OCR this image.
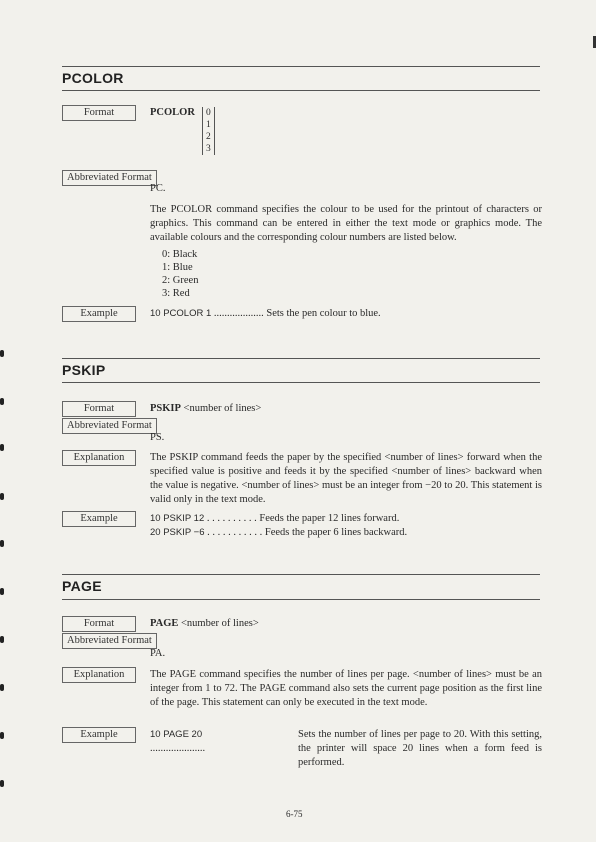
PCOLOR
Format	PCOLOR	0
1
2
3
Abbreviated Format
PC.
The PCOLOR command specifies the colour to be used for the printout of characters or graphics. This command can be entered in either the text mode or graphics mode. The available colours and the corresponding colour numbers are listed below.
0: Black
1: Blue
2: Green
3: Red
Example	10 PCOLOR 1 ................... Sets the pen colour to blue.
PSKIP
Format	PSKIP <number of lines>
Abbreviated Format
PS.
Explanation	The PSKIP command feeds the paper by the specified <number of lines> forward when the specified value is positive and feeds it by the specified <number of lines> backward when the value is negative. <number of lines> must be an integer from −20 to 20. This statement is valid only in the text mode.
Example	10 PSKIP 12 . . . . . . . . . . Feeds the paper 12 lines forward.
20 PSKIP −6 . . . . . . . . . . . Feeds the paper 6 lines backward.
PAGE
Format	PAGE <number of lines>
Abbreviated Format
PA.
Explanation	The PAGE command specifies the number of lines per page. <number of lines> must be an integer from 1 to 72. The PAGE command also sets the current page position as the first line of the page. This statement can only be executed in the text mode.
Example	10 PAGE 20 .....................
Sets the number of lines per page to 20. With this setting, the printer will space 20 lines when a form feed is performed.
6-75
